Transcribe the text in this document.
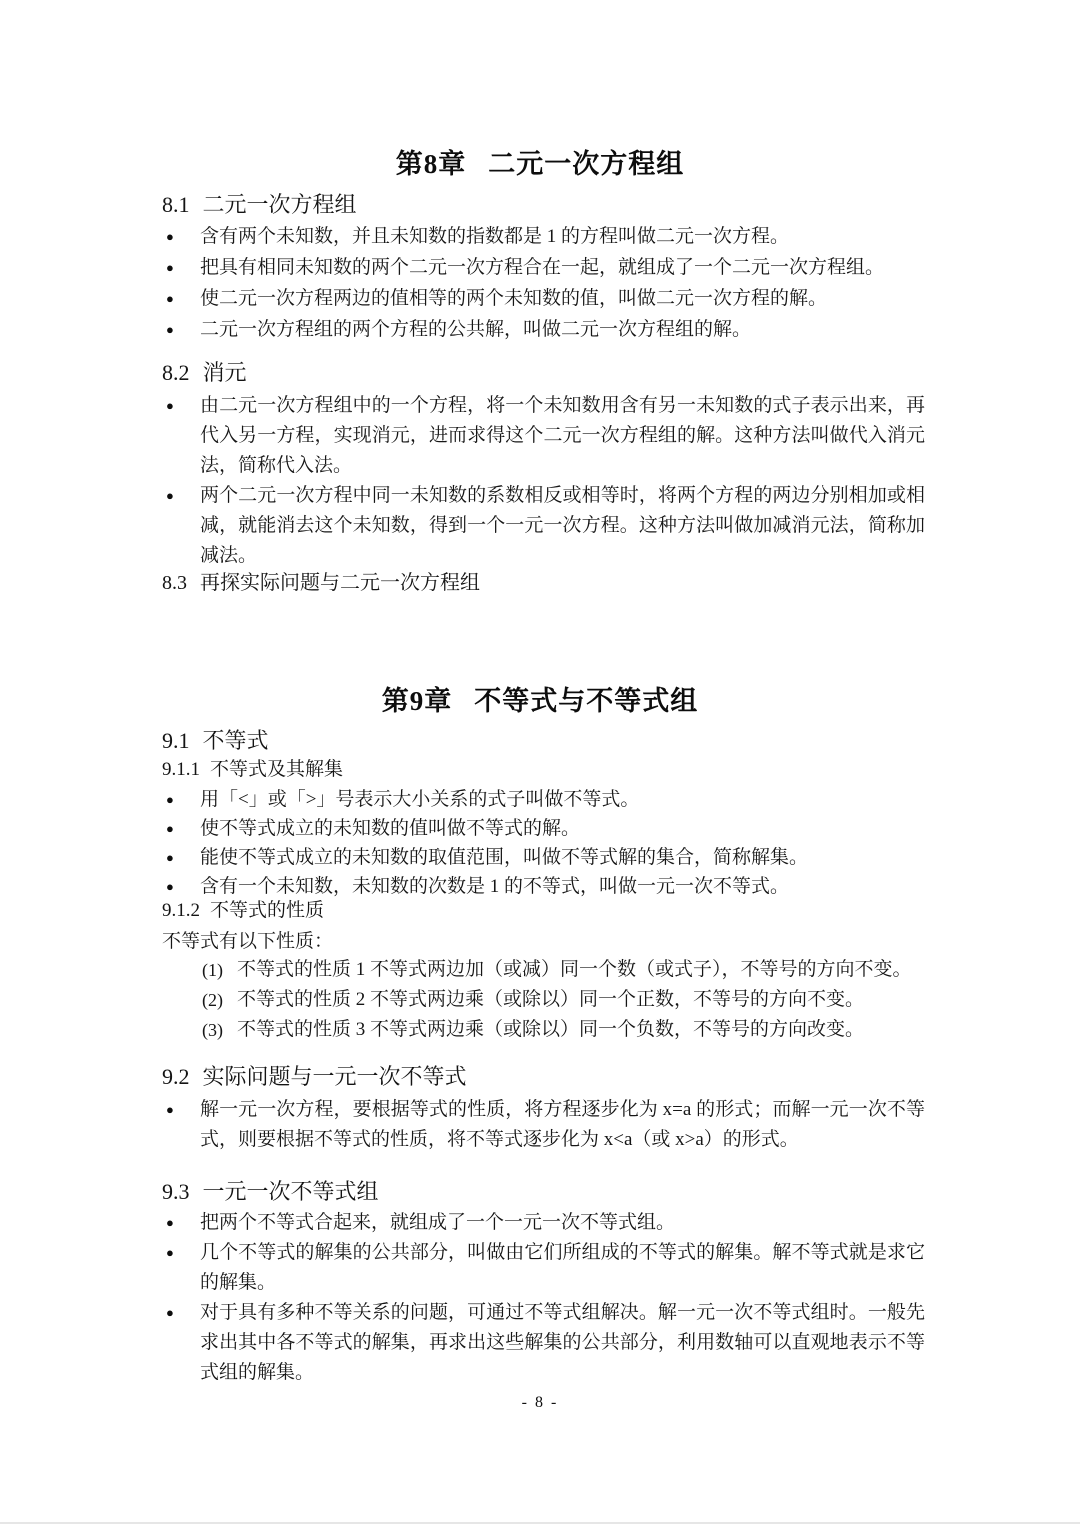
第8章 二元一次方程组
8.1 二元一次方程组
● 含有两个未知数，并且未知数的指数都是 1 的方程叫做二元一次方程。
● 把具有相同未知数的两个二元一次方程合在一起，就组成了一个二元一次方程组。
● 使二元一次方程两边的值相等的两个未知数的值，叫做二元一次方程的解。
● 二元一次方程组的两个方程的公共解，叫做二元一次方程组的解。
8.2 消元
● 由二元一次方程组中的一个方程，将一个未知数用含有另一未知数的式子表示出来，再代入另一方程，实现消元，进而求得这个二元一次方程组的解。这种方法叫做代入消元法，简称代入法。
● 两个二元一次方程中同一未知数的系数相反或相等时，将两个方程的两边分别相加或相减，就能消去这个未知数，得到一个一元一次方程。这种方法叫做加减消元法，简称加减法。
8.3 再探实际问题与二元一次方程组
第9章 不等式与不等式组
9.1 不等式
9.1.1 不等式及其解集
● 用「<」或「>」号表示大小关系的式子叫做不等式。
● 使不等式成立的未知数的值叫做不等式的解。
● 能使不等式成立的未知数的取值范围，叫做不等式解的集合，简称解集。
● 含有一个未知数，未知数的次数是 1 的不等式，叫做一元一次不等式。
9.1.2 不等式的性质
不等式有以下性质：
(1) 不等式的性质 1 不等式两边加（或减）同一个数（或式子），不等号的方向不变。
(2) 不等式的性质 2 不等式两边乘（或除以）同一个正数，不等号的方向不变。
(3) 不等式的性质 3 不等式两边乘（或除以）同一个负数，不等号的方向改变。
9.2 实际问题与一元一次不等式
● 解一元一次方程，要根据等式的性质，将方程逐步化为 x=a 的形式；而解一元一次不等式，则要根据不等式的性质，将不等式逐步化为 x<a（或 x>a）的形式。
9.3 一元一次不等式组
● 把两个不等式合起来，就组成了一个一元一次不等式组。
● 几个不等式的解集的公共部分，叫做由它们所组成的不等式的解集。解不等式就是求它的解集。
● 对于具有多种不等关系的问题，可通过不等式组解决。解一元一次不等式组时。一般先求出其中各不等式的解集，再求出这些解集的公共部分，利用数轴可以直观地表示不等式组的解集。
- 8 -
